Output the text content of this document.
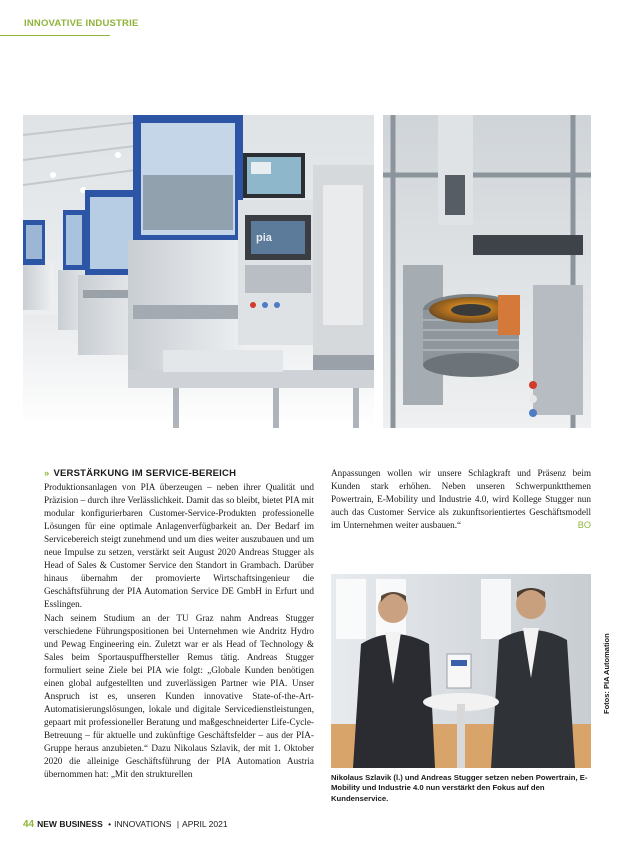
INNOVATIVE INDUSTRIE
pia
» VERSTÄRKUNG IM SERVICE-BEREICH

Produktionsanlagen von PIA überzeugen – neben ihrer Qualität und Präzision – durch ihre Verlässlichkeit. Damit das so bleibt, bietet PIA mit modular konfigurierbaren Customer-Service-Produkten professionelle Lösungen für eine optimale Anlagenverfügbarkeit an. Der Bedarf im Servicebereich steigt zunehmend und um dies weiter auszubauen und um neue Impulse zu setzen, verstärkt seit August 2020 Andreas Stugger als Head of Sales & Customer Service den Standort in Grambach. Darüber hinaus übernahm der promovierte Wirtschaftsingenieur die Geschäftsführung der PIA Automation Service DE GmbH in Erfurt und Esslingen.

Nach seinem Studium an der TU Graz nahm Andreas Stugger verschiedene Führungspositionen bei Unternehmen wie Andritz Hydro und Pewag Engineering ein. Zuletzt war er als Head of Technology & Sales beim Sportauspuffhersteller Remus tätig. Andreas Stugger formuliert seine Ziele bei PIA wie folgt: „Globale Kunden benötigen einen global aufgestellten und zuverlässigen Partner wie PIA. Unser Anspruch ist es, unseren Kunden innovative State-of-the-Art-Automatisierungslösungen, lokale und digitale Servicedienstleistungen, gepaart mit professioneller Beratung und maßgeschneiderter Life-Cycle-Betreuung – für aktuelle und zukünftige Geschäftsfelder – aus der PIA-Gruppe heraus anzubieten.“ Dazu Nikolaus Szlavik, der mit 1. Oktober 2020 die alleinige Geschäftsführung der PIA Automation Austria übernommen hat: „Mit den strukturellen

Anpassungen wollen wir unsere Schlagkraft und Präsenz beim Kunden stark erhöhen. Neben unseren Schwerpunktthemen Powertrain, E-Mobility und Industrie 4.0, wird Kollege Stugger nun auch das Customer Service als zukunftsorientiertes Geschäftsmodell im Unternehmen weiter ausbauen.“	BO

Nikolaus Szlavik (l.) und Andreas Stugger setzen neben Powertrain, E-Mobility und Industrie 4.0 nun verstärkt den Fokus auf den Kundenservice.
Fotos: PIA Automation
44 NEW BUSINESS • INNOVATIONS | APRIL 2021
